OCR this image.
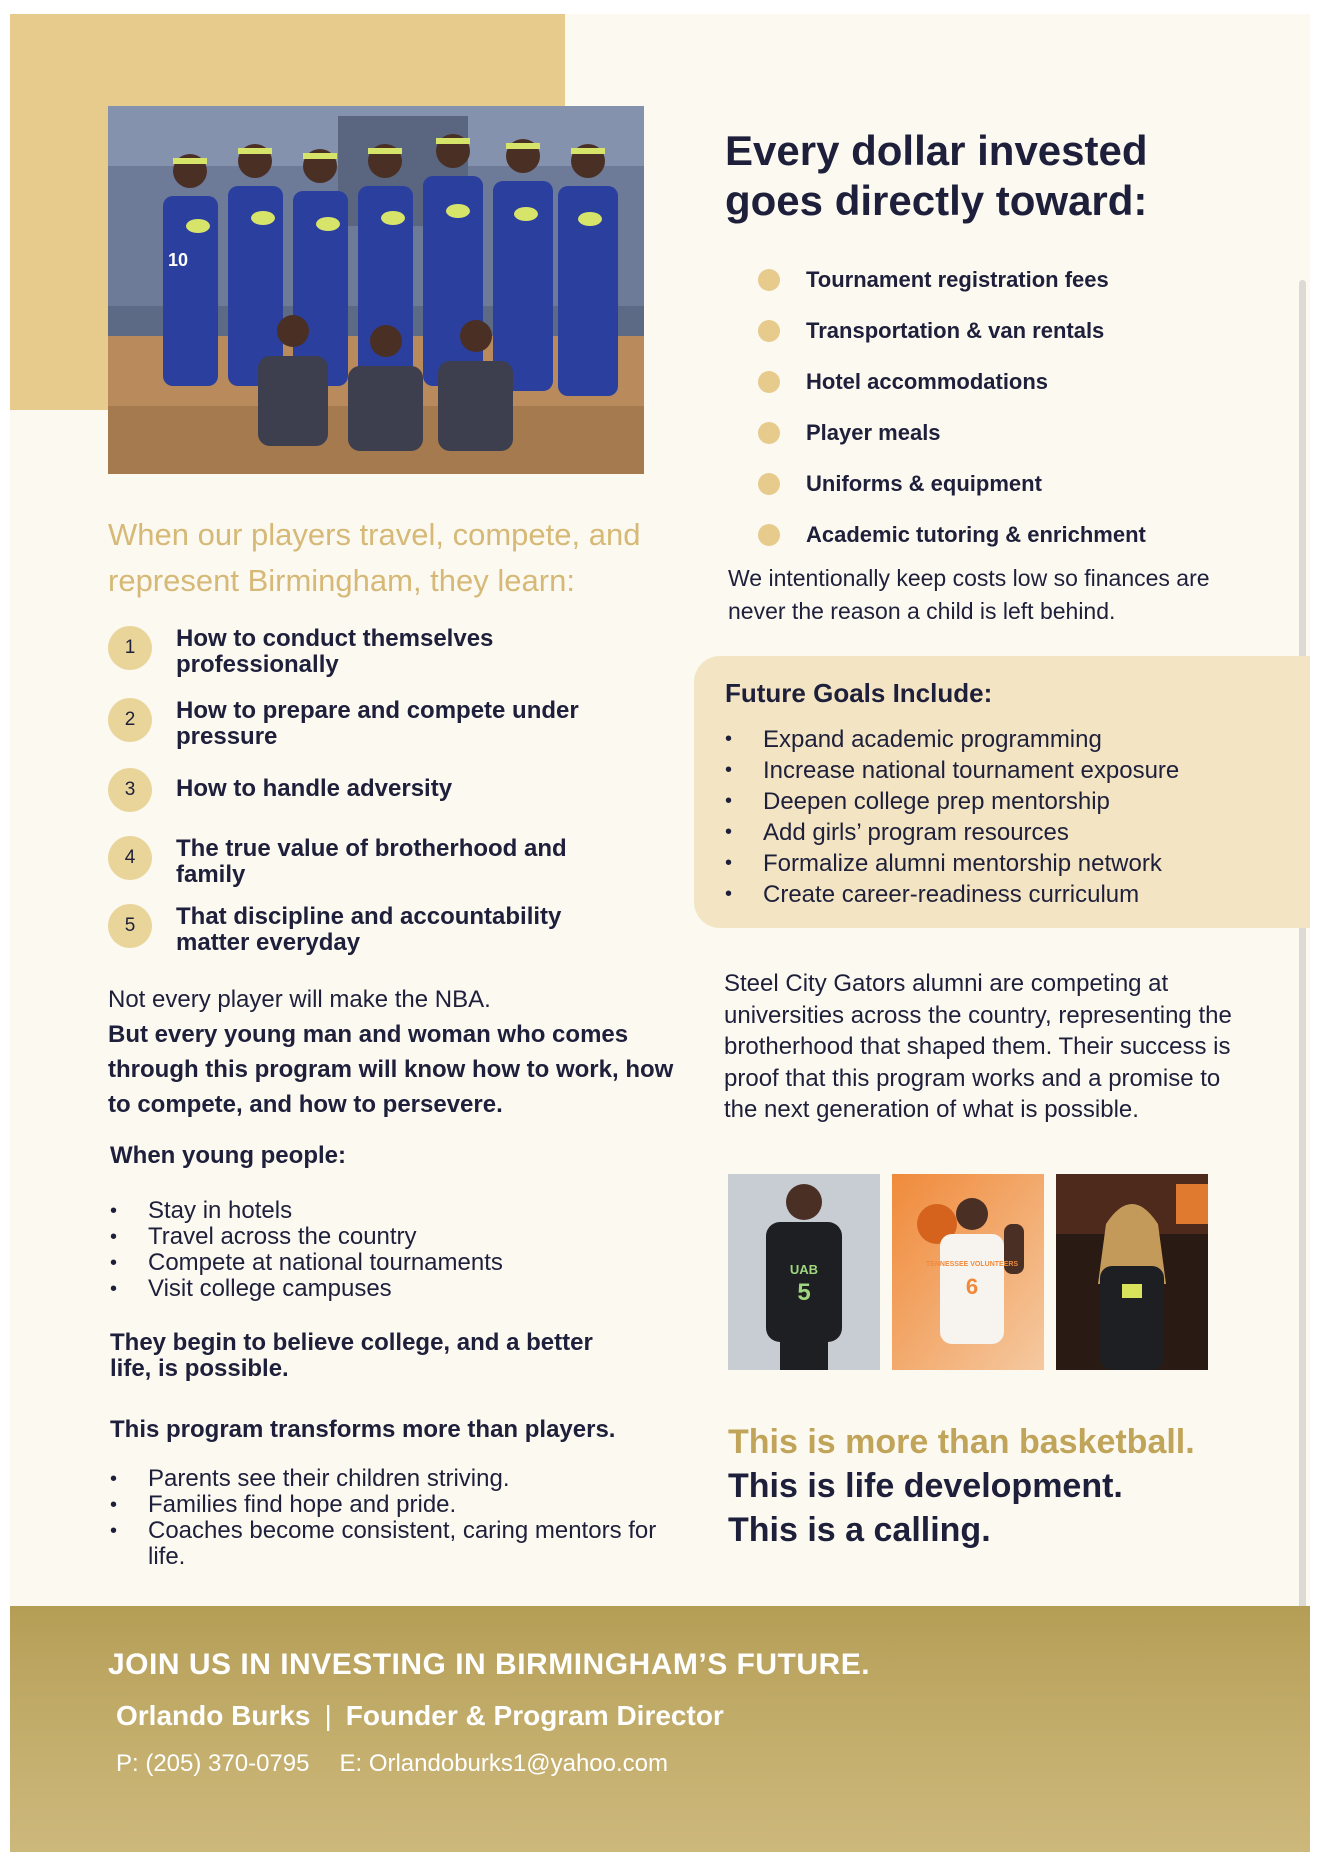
10
When our players travel, compete, and
represent Birmingham, they learn:
1	How to conduct themselves professionally
2	How to prepare and compete under pressure
3	How to handle adversity
4	The true value of brotherhood and family
5	That discipline and accountability matter everyday
Not every player will make the NBA.
But every young man and woman who comes through this program will know how to work, how to compete, and how to persevere.
When young people:
• Stay in hotels
• Travel across the country
• Compete at national tournaments
• Visit college campuses
They begin to believe college, and a better life, is possible.
This program transforms more than players.
• Parents see their children striving.
• Families find hope and pride.
• Coaches become consistent, caring mentors for life.
Every dollar invested
goes directly toward:
Tournament registration fees
Transportation & van rentals
Hotel accommodations
Player meals
Uniforms & equipment
Academic tutoring & enrichment

We intentionally keep costs low so finances are never the reason a child is left behind.

Future Goals Include:
• Expand academic programming
• Increase national tournament exposure
• Deepen college prep mentorship
• Add girls’ program resources
• Formalize alumni mentorship network
• Create career-readiness curriculum

Steel City Gators alumni are competing at universities across the country, representing the brotherhood that shaped them. Their success is proof that this program works and a promise to the next generation of what is possible.

UAB
5
TENNESSEE VOLUNTEERS
6
This is more than basketball.
This is life development.
This is a calling.
JOIN US IN INVESTING IN BIRMINGHAM’S FUTURE.
Orlando Burks | Founder & Program Director
P: (205) 370-0795 E: Orlandoburks1@yahoo.com
